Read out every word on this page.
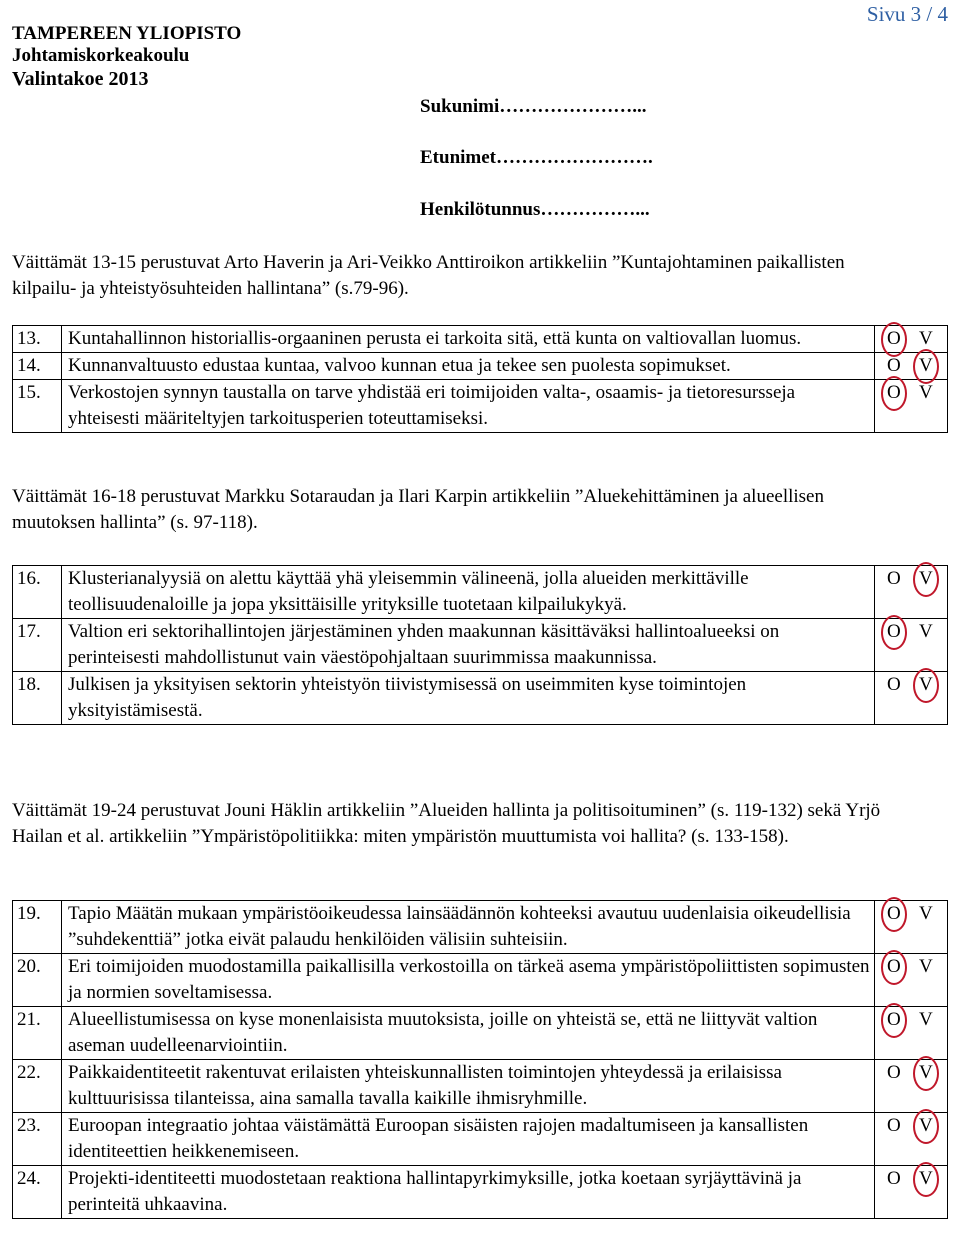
TAMPEREEN YLIOPISTO
Johtamiskorkeakoulu
Valintakoe 2013
Sivu 3 / 4
Sukunimi…………………...
Etunimet…………………….
Henkilötunnus……………...

Väittämät 13-15 perustuvat Arto Haverin ja Ari-Veikko Anttiroikon artikkeliin ”Kuntajohtaminen paikallisten kilpailu- ja yhteistyösuhteiden hallintana” (s.79-96).

13.	Kuntahallinnon historiallis-orgaaninen perusta ei tarkoita sitä, että kunta on valtiovallan luomus.	O V

14.	Kunnanvaltuusto edustaa kuntaa, valvoo kunnan etua ja tekee sen puolesta sopimukset.	O V

15.	Verkostojen synnyn taustalla on tarve yhdistää eri toimijoiden valta-, osaamis- ja tietoresursseja yhteisesti määriteltyjen tarkoitusperien toteuttamiseksi.	O V

Väittämät 16-18 perustuvat Markku Sotaraudan ja Ilari Karpin artikkeliin ”Aluekehittäminen ja alueellisen muutoksen hallinta” (s. 97-118).

16.	Klusterianalyysiä on alettu käyttää yhä yleisemmin välineenä, jolla alueiden merkittäville teollisuudenaloille ja jopa yksittäisille yrityksille tuotetaan kilpailukykyä.	O V

17.	Valtion eri sektorihallintojen järjestäminen yhden maakunnan käsittäväksi hallintoalueeksi on perinteisesti mahdollistunut vain väestöpohjaltaan suurimmissa maakunnissa.	O V

18.	Julkisen ja yksityisen sektorin yhteistyön tiivistymisessä on useimmiten kyse toimintojen yksityistämisestä.	O V

Väittämät 19-24 perustuvat Jouni Häklin artikkeliin ”Alueiden hallinta ja politisoituminen” (s. 119-132) sekä Yrjö Hailan et al. artikkeliin ”Ympäristöpolitiikka: miten ympäristön muuttumista voi hallita? (s. 133-158).

19.	Tapio Määtän mukaan ympäristöoikeudessa lainsäädännön kohteeksi avautuu uudenlaisia oikeudellisia ”suhdekenttiä” jotka eivät palaudu henkilöiden välisiin suhteisiin.	O V

20.	Eri toimijoiden muodostamilla paikallisilla verkostoilla on tärkeä asema ympäristöpoliittisten sopimusten ja normien soveltamisessa.	O V

21.	Alueellistumisessa on kyse monenlaisista muutoksista, joille on yhteistä se, että ne liittyvät valtion aseman uudelleenarviointiin.	O V

22.	Paikkaidentiteetit rakentuvat erilaisten yhteiskunnallisten toimintojen yhteydessä ja erilaisissa kulttuurisissa tilanteissa, aina samalla tavalla kaikille ihmisryhmille.	O V

23.	Euroopan integraatio johtaa väistämättä Euroopan sisäisten rajojen madaltumiseen ja kansallisten identiteettien heikkenemiseen.	O V

24.	Projekti-identiteetti muodostetaan reaktiona hallintapyrkimyksille, jotka koetaan syrjäyttävinä ja perinteitä uhkaavina.	O V
